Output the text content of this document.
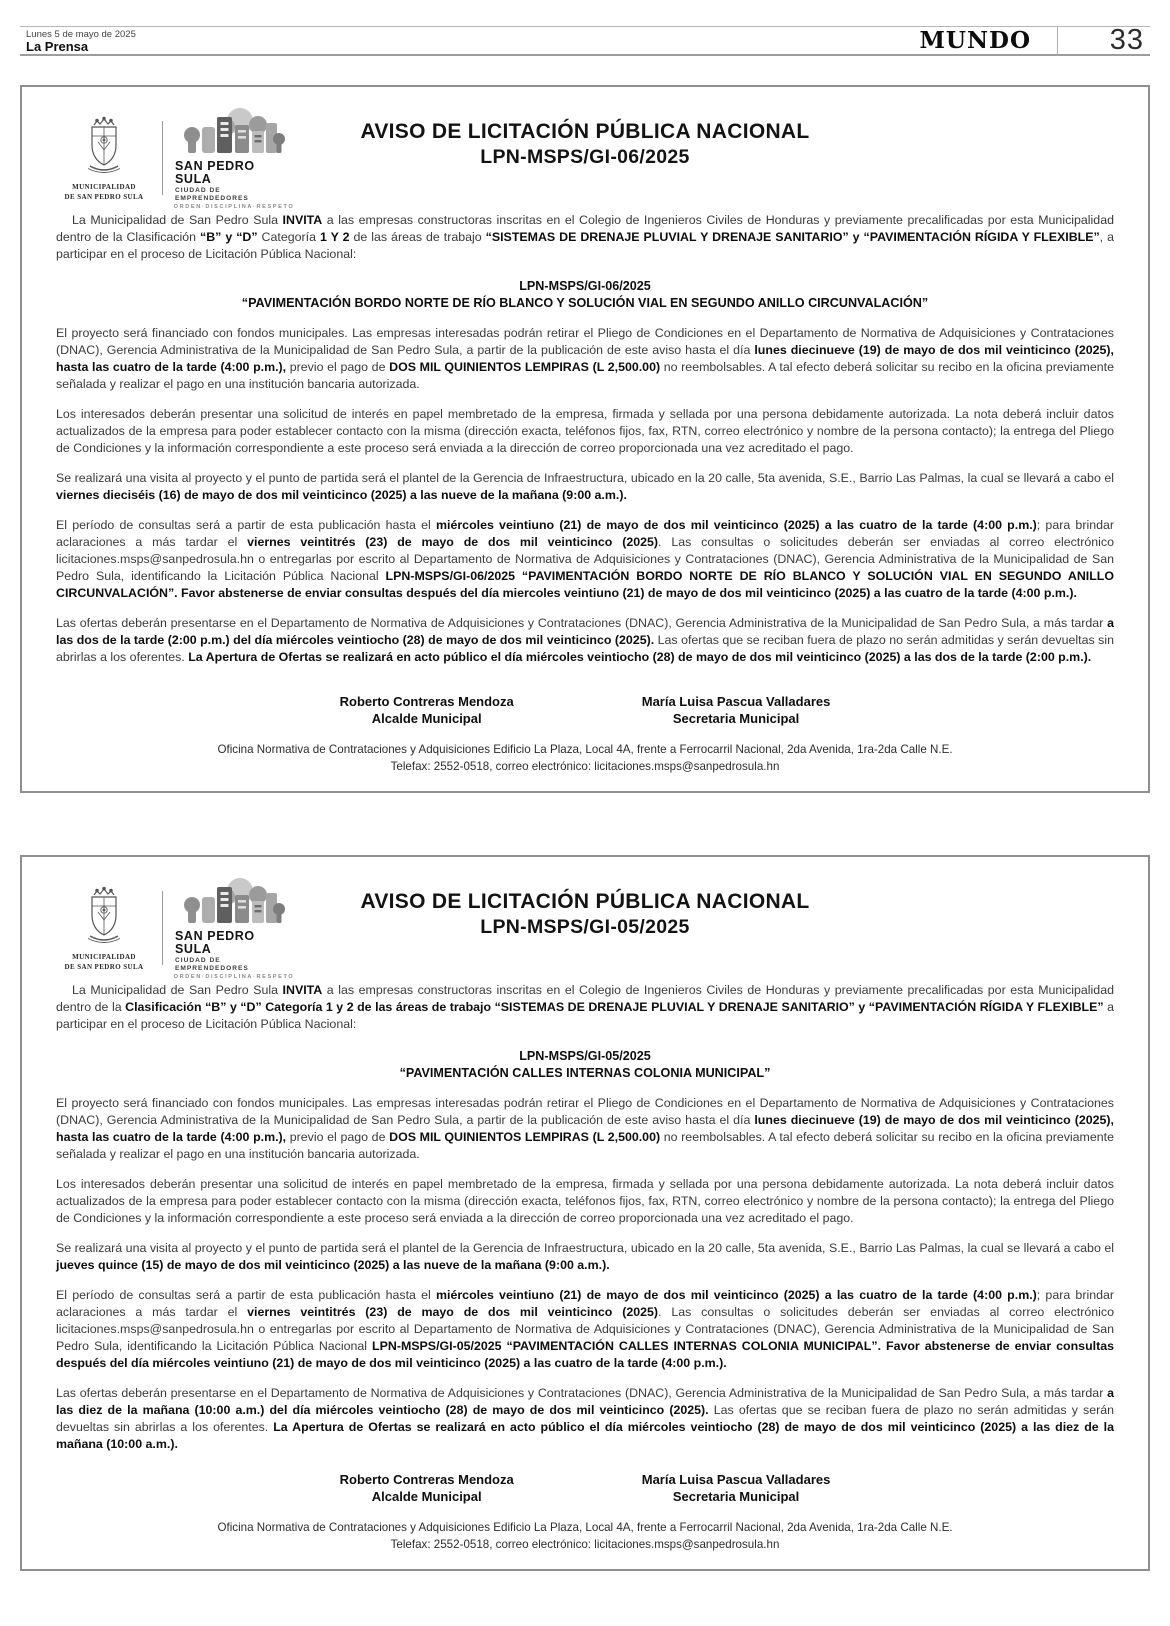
Lunes 5 de mayo de 2025
La Prensa	MUNDO	33
MUNICIPALIDAD
DE SAN PEDRO SULA
SAN PEDRO SULA
CIUDAD DE EMPRENDEDORES
ORDEN·DISCIPLINA·RESPETO
AVISO DE LICITACIÓN PÚBLICA NACIONAL
LPN-MSPS/GI-06/2025

La Municipalidad de San Pedro Sula INVITA a las empresas constructoras inscritas en el Colegio de Ingenieros Civiles de Honduras y previamente precalificadas por esta Municipalidad dentro de la Clasificación “B” y “D” Categoría 1 Y 2 de las áreas de trabajo “SISTEMAS DE DRENAJE PLUVIAL Y DRENAJE SANITARIO” y “PAVIMENTACIÓN RÍGIDA Y FLEXIBLE”, a participar en el proceso de Licitación Pública Nacional:

LPN-MSPS/GI-06/2025
“PAVIMENTACIÓN BORDO NORTE DE RÍO BLANCO Y SOLUCIÓN VIAL EN SEGUNDO ANILLO CIRCUNVALACIÓN”

El proyecto será financiado con fondos municipales. Las empresas interesadas podrán retirar el Pliego de Condiciones en el Departamento de Normativa de Adquisiciones y Contrataciones (DNAC), Gerencia Administrativa de la Municipalidad de San Pedro Sula, a partir de la publicación de este aviso hasta el día lunes diecinueve (19) de mayo de dos mil veinticinco (2025), hasta las cuatro de la tarde (4:00 p.m.), previo el pago de DOS MIL QUINIENTOS LEMPIRAS (L 2,500.00) no reembolsables. A tal efecto deberá solicitar su recibo en la oficina previamente señalada y realizar el pago en una institución bancaria autorizada.

Los interesados deberán presentar una solicitud de interés en papel membretado de la empresa, firmada y sellada por una persona debidamente autorizada. La nota deberá incluir datos actualizados de la empresa para poder establecer contacto con la misma (dirección exacta, teléfonos fijos, fax, RTN, correo electrónico y nombre de la persona contacto); la entrega del Pliego de Condiciones y la información correspondiente a este proceso será enviada a la dirección de correo proporcionada una vez acreditado el pago.

Se realizará una visita al proyecto y el punto de partida será el plantel de la Gerencia de Infraestructura, ubicado en la 20 calle, 5ta avenida, S.E., Barrio Las Palmas, la cual se llevará a cabo el viernes dieciséis (16) de mayo de dos mil veinticinco (2025) a las nueve de la mañana (9:00 a.m.).

El período de consultas será a partir de esta publicación hasta el miércoles veintiuno (21) de mayo de dos mil veinticinco (2025) a las cuatro de la tarde (4:00 p.m.); para brindar aclaraciones a más tardar el viernes veintitrés (23) de mayo de dos mil veinticinco (2025). Las consultas o solicitudes deberán ser enviadas al correo electrónico licitaciones.msps@sanpedrosula.hn o entregarlas por escrito al Departamento de Normativa de Adquisiciones y Contrataciones (DNAC), Gerencia Administrativa de la Municipalidad de San Pedro Sula, identificando la Licitación Pública Nacional LPN-MSPS/GI-06/2025 “PAVIMENTACIÓN BORDO NORTE DE RÍO BLANCO Y SOLUCIÓN VIAL EN SEGUNDO ANILLO CIRCUNVALACIÓN”. Favor abstenerse de enviar consultas después del día miercoles veintiuno (21) de mayo de dos mil veinticinco (2025) a las cuatro de la tarde (4:00 p.m.).

Las ofertas deberán presentarse en el Departamento de Normativa de Adquisiciones y Contrataciones (DNAC), Gerencia Administrativa de la Municipalidad de San Pedro Sula, a más tardar a las dos de la tarde (2:00 p.m.) del día miércoles veintiocho (28) de mayo de dos mil veinticinco (2025). Las ofertas que se reciban fuera de plazo no serán admitidas y serán devueltas sin abrirlas a los oferentes. La Apertura de Ofertas se realizará en acto público el día miércoles veintiocho (28) de mayo de dos mil veinticinco (2025) a las dos de la tarde (2:00 p.m.).

Roberto Contreras Mendoza
Alcalde Municipal
María Luisa Pascua Valladares
Secretaria Municipal
Oficina Normativa de Contrataciones y Adquisiciones Edificio La Plaza, Local 4A, frente a Ferrocarril Nacional, 2da Avenida, 1ra-2da Calle N.E.
Telefax: 2552-0518, correo electrónico: licitaciones.msps@sanpedrosula.hn
MUNICIPALIDAD
DE SAN PEDRO SULA
SAN PEDRO SULA
CIUDAD DE EMPRENDEDORES
ORDEN·DISCIPLINA·RESPETO
AVISO DE LICITACIÓN PÚBLICA NACIONAL
LPN-MSPS/GI-05/2025

La Municipalidad de San Pedro Sula INVITA a las empresas constructoras inscritas en el Colegio de Ingenieros Civiles de Honduras y previamente precalificadas por esta Municipalidad dentro de la Clasificación “B” y “D” Categoría 1 y 2 de las áreas de trabajo “SISTEMAS DE DRENAJE PLUVIAL Y DRENAJE SANITARIO” y “PAVIMENTACIÓN RÍGIDA Y FLEXIBLE” a participar en el proceso de Licitación Pública Nacional:

LPN-MSPS/GI-05/2025
“PAVIMENTACIÓN CALLES INTERNAS COLONIA MUNICIPAL”

El proyecto será financiado con fondos municipales. Las empresas interesadas podrán retirar el Pliego de Condiciones en el Departamento de Normativa de Adquisiciones y Contrataciones (DNAC), Gerencia Administrativa de la Municipalidad de San Pedro Sula, a partir de la publicación de este aviso hasta el día lunes diecinueve (19) de mayo de dos mil veinticinco (2025), hasta las cuatro de la tarde (4:00 p.m.), previo el pago de DOS MIL QUINIENTOS LEMPIRAS (L 2,500.00) no reembolsables. A tal efecto deberá solicitar su recibo en la oficina previamente señalada y realizar el pago en una institución bancaria autorizada.

Los interesados deberán presentar una solicitud de interés en papel membretado de la empresa, firmada y sellada por una persona debidamente autorizada. La nota deberá incluir datos actualizados de la empresa para poder establecer contacto con la misma (dirección exacta, teléfonos fijos, fax, RTN, correo electrónico y nombre de la persona contacto); la entrega del Pliego de Condiciones y la información correspondiente a este proceso será enviada a la dirección de correo proporcionada una vez acreditado el pago.

Se realizará una visita al proyecto y el punto de partida será el plantel de la Gerencia de Infraestructura, ubicado en la 20 calle, 5ta avenida, S.E., Barrio Las Palmas, la cual se llevará a cabo el jueves quince (15) de mayo de dos mil veinticinco (2025) a las nueve de la mañana (9:00 a.m.).

El período de consultas será a partir de esta publicación hasta el miércoles veintiuno (21) de mayo de dos mil veinticinco (2025) a las cuatro de la tarde (4:00 p.m.); para brindar aclaraciones a más tardar el viernes veintitrés (23) de mayo de dos mil veinticinco (2025). Las consultas o solicitudes deberán ser enviadas al correo electrónico licitaciones.msps@sanpedrosula.hn o entregarlas por escrito al Departamento de Normativa de Adquisiciones y Contrataciones (DNAC), Gerencia Administrativa de la Municipalidad de San Pedro Sula, identificando la Licitación Pública Nacional LPN-MSPS/GI-05/2025 “PAVIMENTACIÓN CALLES INTERNAS COLONIA MUNICIPAL”. Favor abstenerse de enviar consultas después del día miércoles veintiuno (21) de mayo de dos mil veinticinco (2025) a las cuatro de la tarde (4:00 p.m.).

Las ofertas deberán presentarse en el Departamento de Normativa de Adquisiciones y Contrataciones (DNAC), Gerencia Administrativa de la Municipalidad de San Pedro Sula, a más tardar a las diez de la mañana (10:00 a.m.) del día miércoles veintiocho (28) de mayo de dos mil veinticinco (2025). Las ofertas que se reciban fuera de plazo no serán admitidas y serán devueltas sin abrirlas a los oferentes. La Apertura de Ofertas se realizará en acto público el día miércoles veintiocho (28) de mayo de dos mil veinticinco (2025) a las diez de la mañana (10:00 a.m.).

Roberto Contreras Mendoza
Alcalde Municipal
María Luisa Pascua Valladares
Secretaria Municipal
Oficina Normativa de Contrataciones y Adquisiciones Edificio La Plaza, Local 4A, frente a Ferrocarril Nacional, 2da Avenida, 1ra-2da Calle N.E.
Telefax: 2552-0518, correo electrónico: licitaciones.msps@sanpedrosula.hn
